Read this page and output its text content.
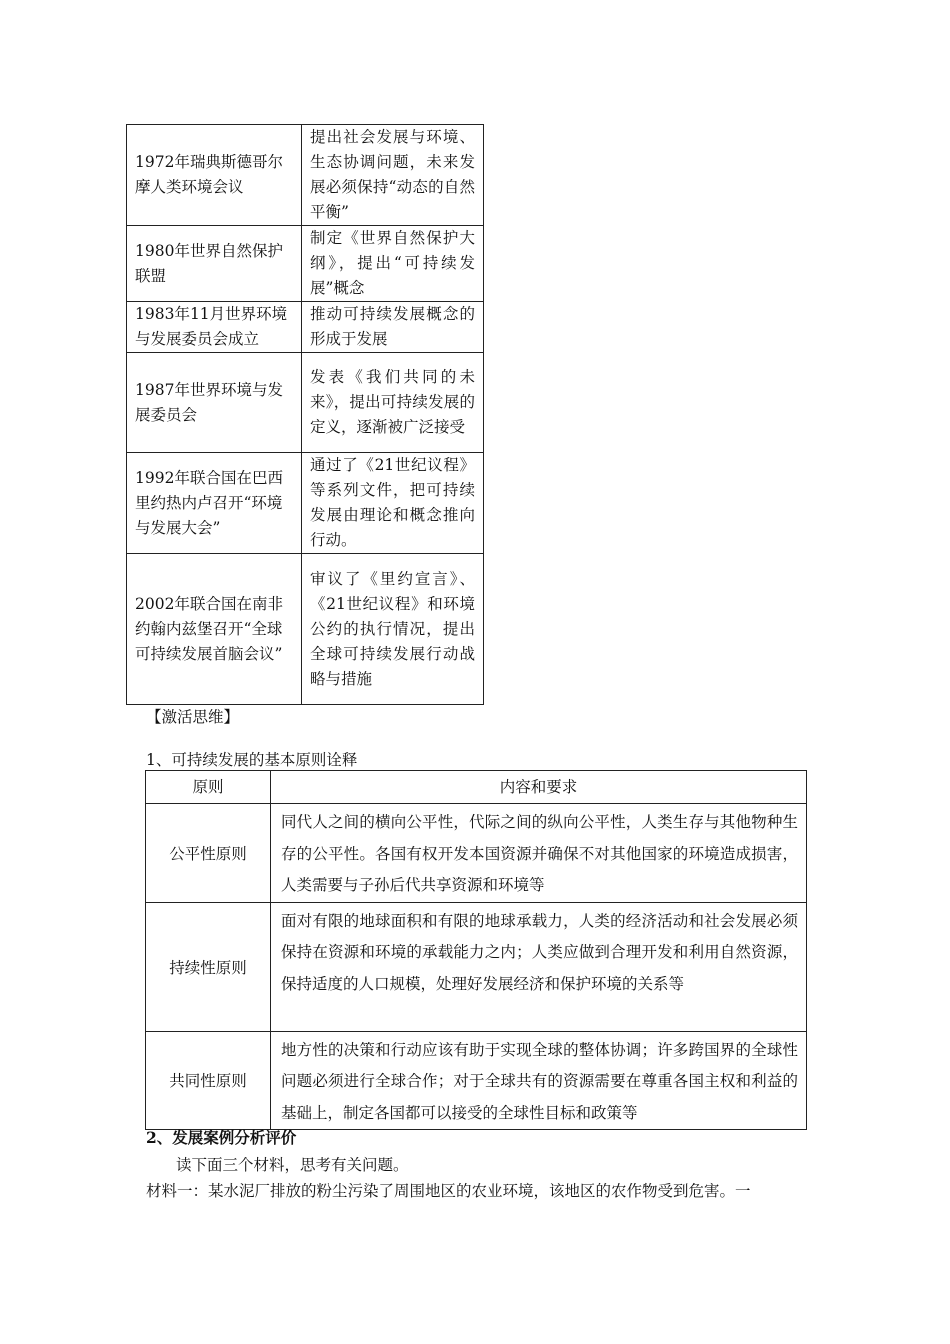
1972年瑞典斯德哥尔摩人类环境会议	提出社会发展与环境、生态协调问题，未来发展必须保持“动态的自然平衡”
1980年世界自然保护联盟	制定《世界自然保护大纲》，提出“可持续发展”概念
1983年11月世界环境与发展委员会成立	推动可持续发展概念的形成于发展
1987年世界环境与发展委员会	发表《我们共同的未来》，提出可持续发展的定义，逐渐被广泛接受
1992年联合国在巴西里约热内卢召开“环境与发展大会”	通过了《21世纪议程》等系列文件，把可持续发展由理论和概念推向行动。
2002年联合国在南非约翰内兹堡召开“全球可持续发展首脑会议”	审议了《里约宣言》、《21世纪议程》和环境公约的执行情况，提出全球可持续发展行动战略与措施
【激活思维】
1、可持续发展的基本原则诠释
原则	内容和要求
公平性原则	同代人之间的横向公平性，代际之间的纵向公平性，人类生存与其他物种生存的公平性。各国有权开发本国资源并确保不对其他国家的环境造成损害，人类需要与子孙后代共享资源和环境等
持续性原则	面对有限的地球面积和有限的地球承载力，人类的经济活动和社会发展必须保持在资源和环境的承载能力之内；人类应做到合理开发和利用自然资源，保持适度的人口规模，处理好发展经济和保护环境的关系等
共同性原则	地方性的决策和行动应该有助于实现全球的整体协调；许多跨国界的全球性问题必须进行全球合作；对于全球共有的资源需要在尊重各国主权和利益的基础上，制定各国都可以接受的全球性目标和政策等
2、发展案例分析评价
读下面三个材料，思考有关问题。
材料一：某水泥厂排放的粉尘污染了周围地区的农业环境，该地区的农作物受到危害。一
